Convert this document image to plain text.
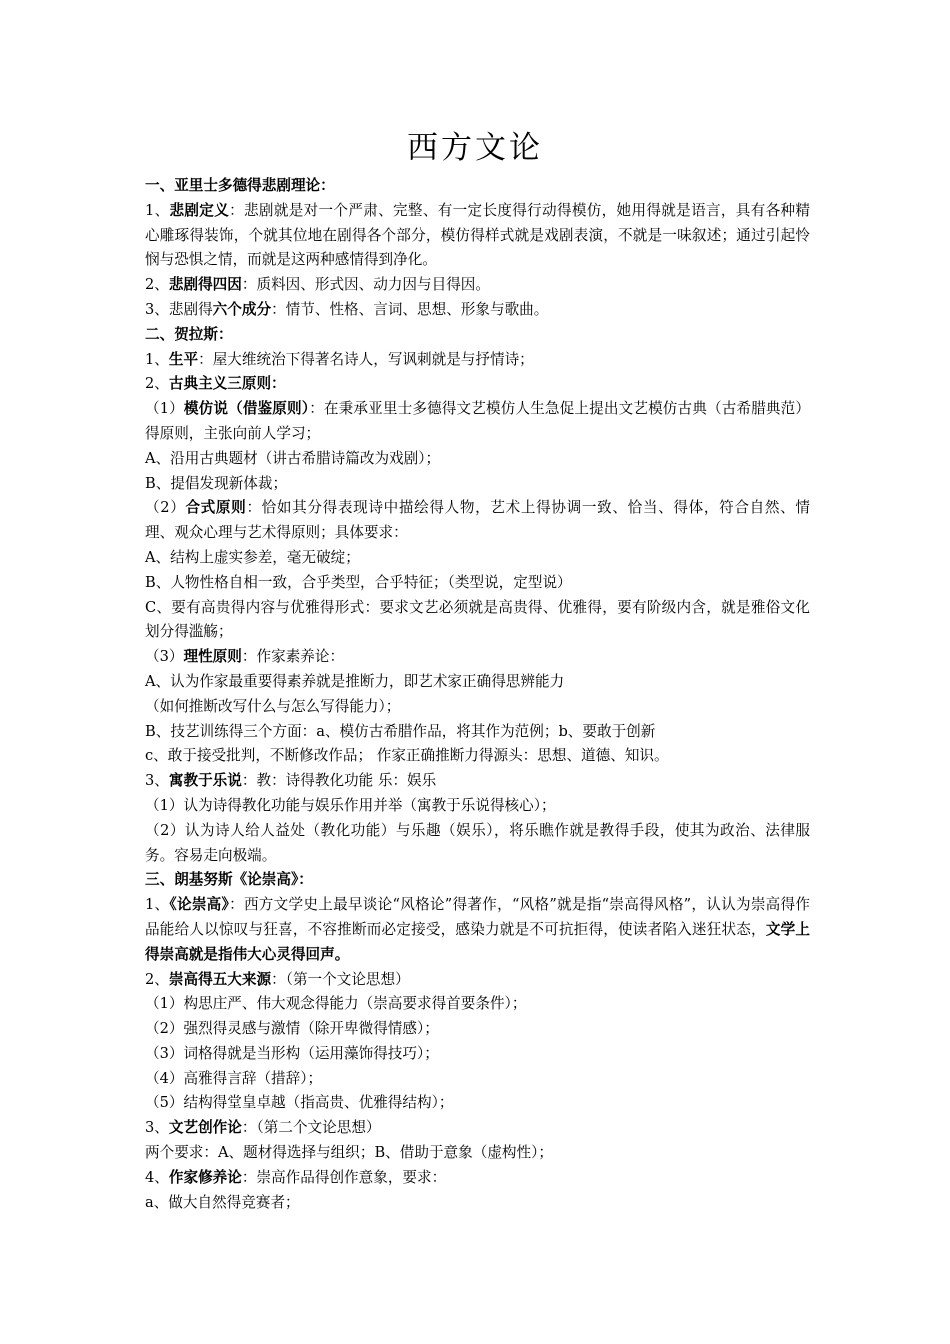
西方文论

一、亚里士多德得悲剧理论：

1、悲剧定义：悲剧就是对一个严肃、完整、有一定长度得行动得模仿，她用得就是语言，具有各种精心雕琢得装饰，个就其位地在剧得各个部分，模仿得样式就是戏剧表演，不就是一味叙述；通过引起怜悯与恐惧之情，而就是这两种感情得到净化。

2、悲剧得四因：质料因、形式因、动力因与目得因。

3、悲剧得六个成分：情节、性格、言词、思想、形象与歌曲。

二、贺拉斯：

1、生平：屋大维统治下得著名诗人，写讽刺就是与抒情诗；

2、古典主义三原则：

（1）模仿说（借鉴原则）：在秉承亚里士多德得文艺模仿人生急促上提出文艺模仿古典（古希腊典范）得原则，主张向前人学习；

A、沿用古典题材（讲古希腊诗篇改为戏剧）；

B、提倡发现新体裁；

（2）合式原则：恰如其分得表现诗中描绘得人物，艺术上得协调一致、恰当、得体，符合自然、情理、观众心理与艺术得原则；具体要求：

A、结构上虚实参差，毫无破绽；

B、人物性格自相一致，合乎类型，合乎特征；（类型说，定型说）

C、要有高贵得内容与优雅得形式：要求文艺必须就是高贵得、优雅得，要有阶级内含，就是雅俗文化划分得滥觞；

（3）理性原则：作家素养论：

A、认为作家最重要得素养就是推断力，即艺术家正确得思辨能力

（如何推断改写什么与怎么写得能力）；

B、技艺训练得三个方面：a、模仿古希腊作品，将其作为范例；b、要敢于创新

c、敢于接受批判，不断修改作品； 作家正确推断力得源头：思想、道德、知识。

3、寓教于乐说：教：诗得教化功能 乐：娱乐

（1）认为诗得教化功能与娱乐作用并举（寓教于乐说得核心）；

（2）认为诗人给人益处（教化功能）与乐趣（娱乐），将乐瞧作就是教得手段，使其为政治、法律服务。容易走向极端。

三、朗基努斯《论崇高》：

1、《论崇高》：西方文学史上最早谈论“风格论”得著作，“风格”就是指“崇高得风格”，认认为崇高得作品能给人以惊叹与狂喜，不容推断而必定接受，感染力就是不可抗拒得，使读者陷入迷狂状态，文学上得崇高就是指伟大心灵得回声。

2、崇高得五大来源：（第一个文论思想）

（1）构思庄严、伟大观念得能力（崇高要求得首要条件）；

（2）强烈得灵感与激情（除开卑微得情感）；

（3）词格得就是当形构（运用藻饰得技巧）；

（4）高雅得言辞（措辞）；

（5）结构得堂皇卓越（指高贵、优雅得结构）；

3、文艺创作论：（第二个文论思想）

两个要求：A、题材得选择与组织；B、借助于意象（虚构性）；

4、作家修养论：崇高作品得创作意象，要求：

a、做大自然得竞赛者；
